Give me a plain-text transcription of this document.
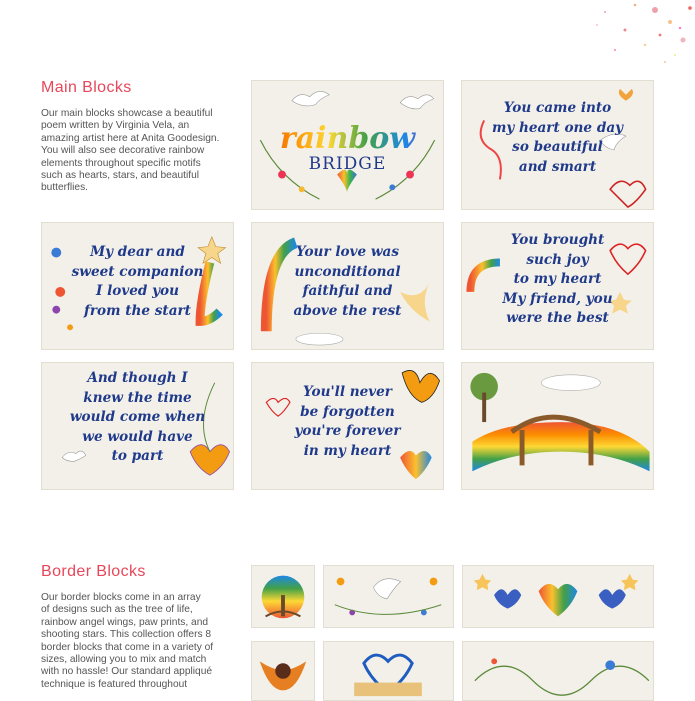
Main Blocks
Our main blocks showcase a beautiful
poem written by Virginia Vela, an
amazing artist here at Anita Goodesign.
You will also see decorative rainbow
elements throughout specific motifs
such as hearts, stars, and beautiful
butterflies.
rainbow
BRIDGE
You came into
my heart one day
so beautiful
and smart
My dear and
sweet companion
I loved you
from the start
Your love was
unconditional
faithful and
above the rest
You brought
such joy
to my heart
My friend, you
were the best
And though I
knew the time
would come when
we would have
to part
You'll never
be forgotten
you're forever
in my heart
Border Blocks
Our border blocks come in an array
of designs such as the tree of life,
rainbow angel wings, paw prints, and
shooting stars. This collection offers 8
border blocks that come in a variety of
sizes, allowing you to mix and match
with no hassle! Our standard appliqué
technique is featured throughout
